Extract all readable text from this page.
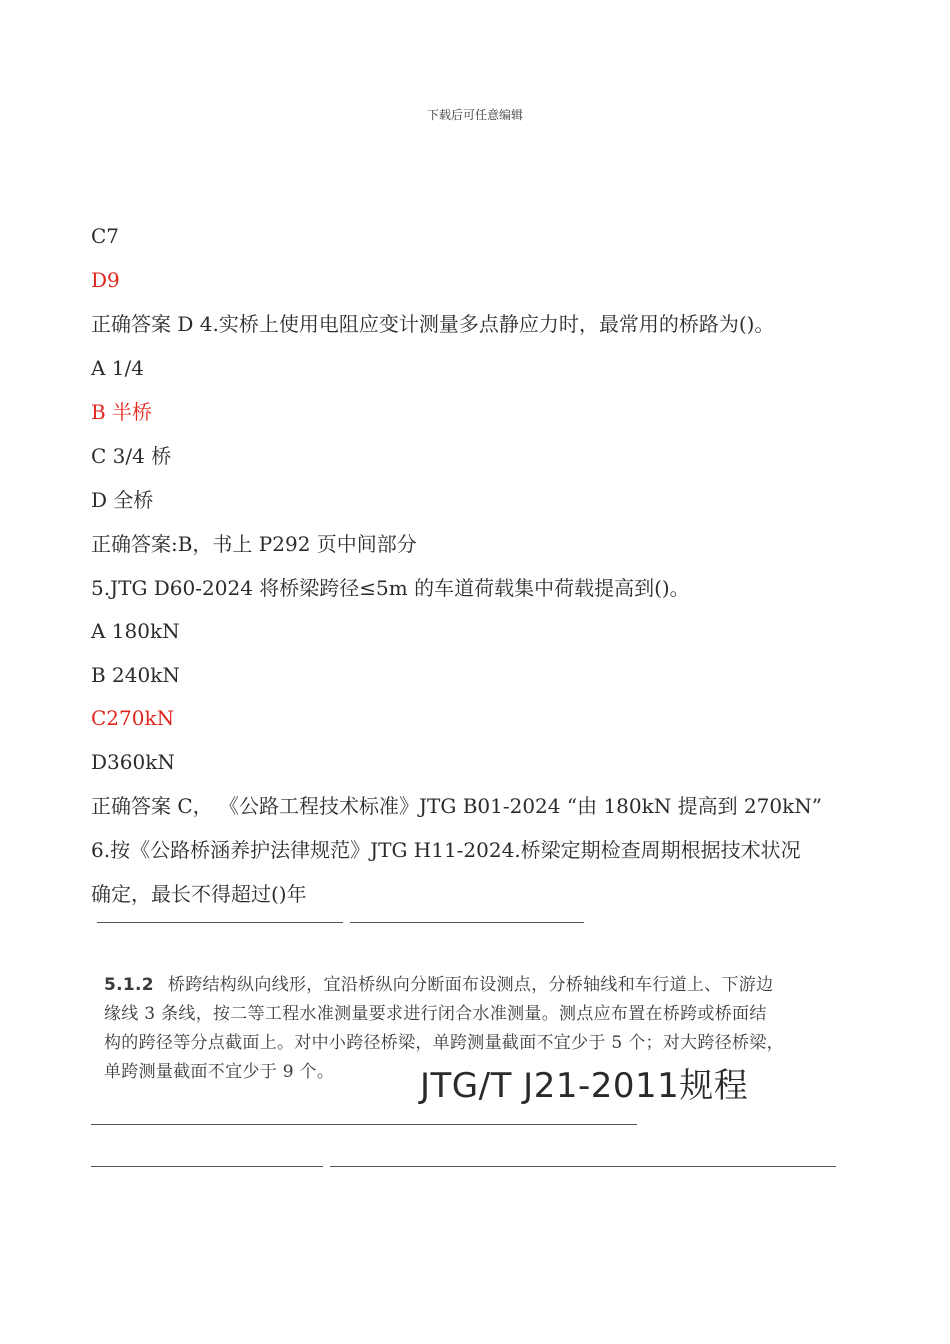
下载后可任意编辑
C7
D9
正确答案 D 4.实桥上使用电阻应变计测量多点静应力时，最常用的桥路为()。
A 1/4
B 半桥
C 3/4 桥
D 全桥
正确答案:B，书上 P292 页中间部分
5.JTG D60-2024 将桥梁跨径≤5m 的车道荷载集中荷载提高到()。
A 180kN
B 240kN
C270kN
D360kN
正确答案 C， 《公路工程技术标准》JTG B01-2024 “由 180kN 提高到 270kN”
6.按《公路桥涵养护法律规范》JTG H11-2024.桥梁定期检查周期根据技术状况
确定，最长不得超过()年
5.1.2 桥跨结构纵向线形，宜沿桥纵向分断面布设测点，分桥轴线和车行道上、下游边
缘线 3 条线，按二等工程水准测量要求进行闭合水准测量。测点应布置在桥跨或桥面结
构的跨径等分点截面上。对中小跨径桥梁，单跨测量截面不宜少于 5 个；对大跨径桥梁，
单跨测量截面不宜少于 9 个。	JTG/T J21-2011规程
